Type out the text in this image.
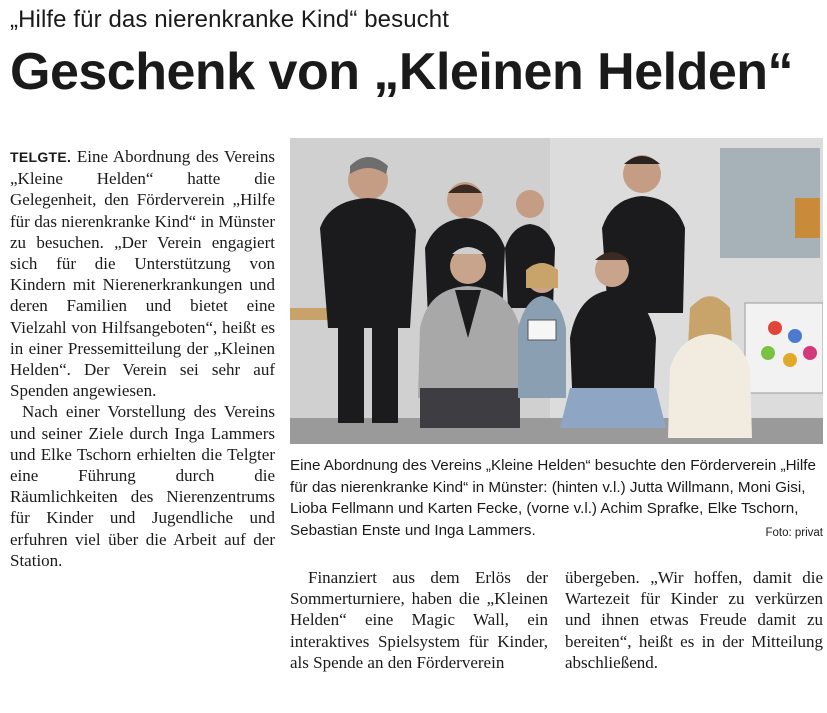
„Hilfe für das nierenkranke Kind“ besucht
Geschenk von „Kleinen Helden“

TELGTE. Eine Abordnung des Vereins „Kleine Helden“ hatte die Gelegenheit, den Förderverein „Hilfe für das nierenkranke Kind“ in Münster zu besuchen. „Der Verein engagiert sich für die Unterstützung von Kindern mit Nierenerkrankungen und deren Familien und bietet eine Vielzahl von Hilfsangeboten“, heißt es in einer Pressemitteilung der „Kleinen Helden“. Der Verein sei sehr auf Spenden angewiesen.

Nach einer Vorstellung des Vereins und seiner Ziele durch Inga Lammers und Elke Tschorn erhielten die Telgter eine Führung durch die Räumlichkeiten des Nierenzentrums für Kinder und Jugendliche und erfuhren viel über die Arbeit auf der Station.

Eine Abordnung des Vereins „Kleine Helden“ besuchte den Förderverein „Hilfe für das nierenkranke Kind“ in Münster: (hinten v.l.) Jutta Willmann, Moni Gisi, Lioba Fellmann und Karten Fecke, (vorne v.l.) Achim Sprafke, Elke Tschorn, Sebastian Enste und Inga Lammers.	Foto: privat
Finanziert aus dem Erlös der Sommerturniere, haben die „Kleinen Helden“ eine Magic Wall, ein interaktives Spielsystem für Kinder, als Spende an den Förderverein
übergeben. „Wir hoffen, damit die Wartezeit für Kinder zu verkürzen und ihnen etwas Freude damit zu bereiten“, heißt es in der Mitteilung abschließend.
